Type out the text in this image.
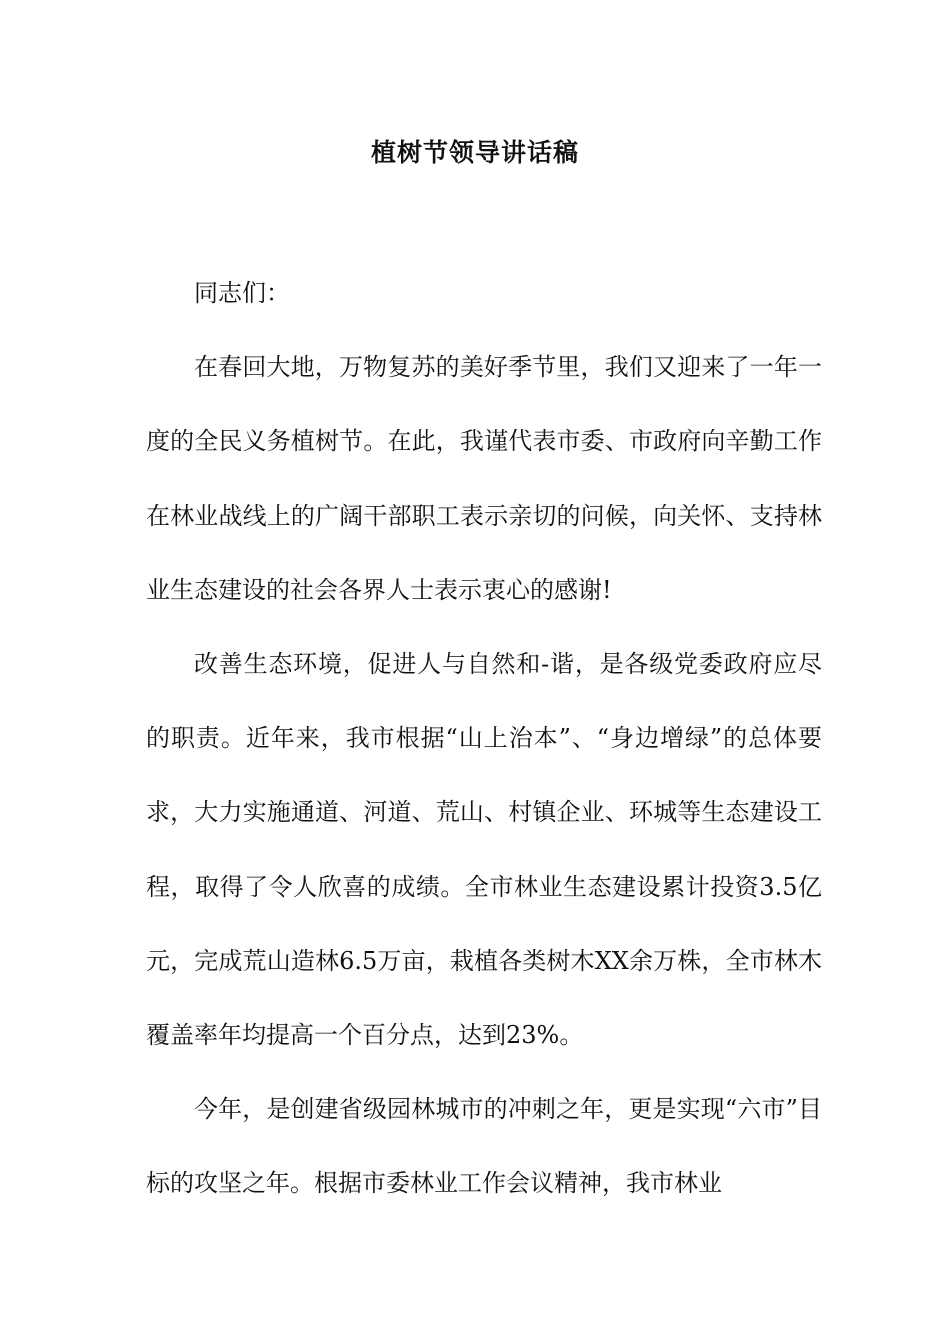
植树节领导讲话稿

同志们：

在春回大地，万物复苏的美好季节里，我们又迎来了一年一度的全民义务植树节。在此，我谨代表市委、市政府向辛勤工作在林业战线上的广阔干部职工表示亲切的问候，向关怀、支持林业生态建设的社会各界人士表示衷心的感谢!

改善生态环境，促进人与自然和-谐，是各级党委政府应尽的职责。近年来，我市根据“山上治本”、“身边增绿”的总体要求，大力实施通道、河道、荒山、村镇企业、环城等生态建设工程，取得了令人欣喜的成绩。全市林业生态建设累计投资3.5亿元，完成荒山造林6.5万亩，栽植各类树木XX余万株，全市林木覆盖率年均提高一个百分点，达到23%。

今年，是创建省级园林城市的冲刺之年，更是实现“六市”目标的攻坚之年。根据市委林业工作会议精神，我市林业
